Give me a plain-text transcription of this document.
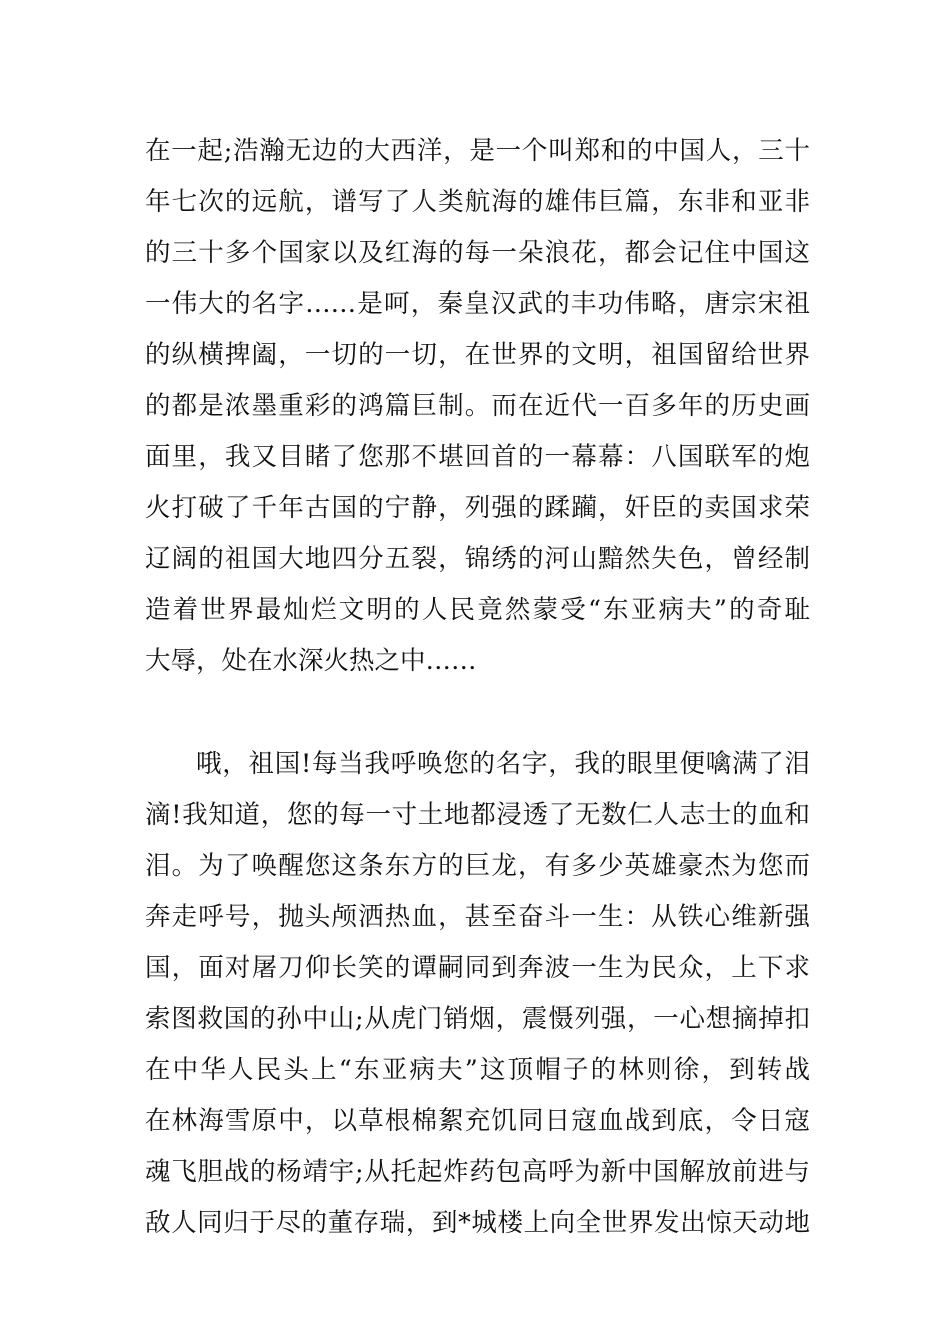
在一起;浩瀚无边的大西洋，是一个叫郑和的中国人，三十
年七次的远航，谱写了人类航海的雄伟巨篇，东非和亚非
的三十多个国家以及红海的每一朵浪花，都会记住中国这
一伟大的名字……是呵，秦皇汉武的丰功伟略，唐宗宋祖
的纵横捭阖，一切的一切，在世界的文明，祖国留给世界
的都是浓墨重彩的鸿篇巨制。而在近代一百多年的历史画
面里，我又目睹了您那不堪回首的一幕幕：八国联军的炮
火打破了千年古国的宁静，列强的蹂躏，奸臣的卖国求荣
辽阔的祖国大地四分五裂，锦绣的河山黯然失色，曾经制
造着世界最灿烂文明的人民竟然蒙受“东亚病夫”的奇耻
大辱，处在水深火热之中……
哦，祖国!每当我呼唤您的名字，我的眼里便噙满了泪
滴!我知道，您的每一寸土地都浸透了无数仁人志士的血和
泪。为了唤醒您这条东方的巨龙，有多少英雄豪杰为您而
奔走呼号，抛头颅洒热血，甚至奋斗一生：从铁心维新强
国，面对屠刀仰长笑的谭嗣同到奔波一生为民众，上下求
索图救国的孙中山;从虎门销烟，震慑列强，一心想摘掉扣
在中华人民头上“东亚病夫”这顶帽子的林则徐，到转战
在林海雪原中，以草根棉絮充饥同日寇血战到底，令日寇
魂飞胆战的杨靖宇;从托起炸药包高呼为新中国解放前进与
敌人同归于尽的董存瑞，到*城楼上向全世界发出惊天动地
